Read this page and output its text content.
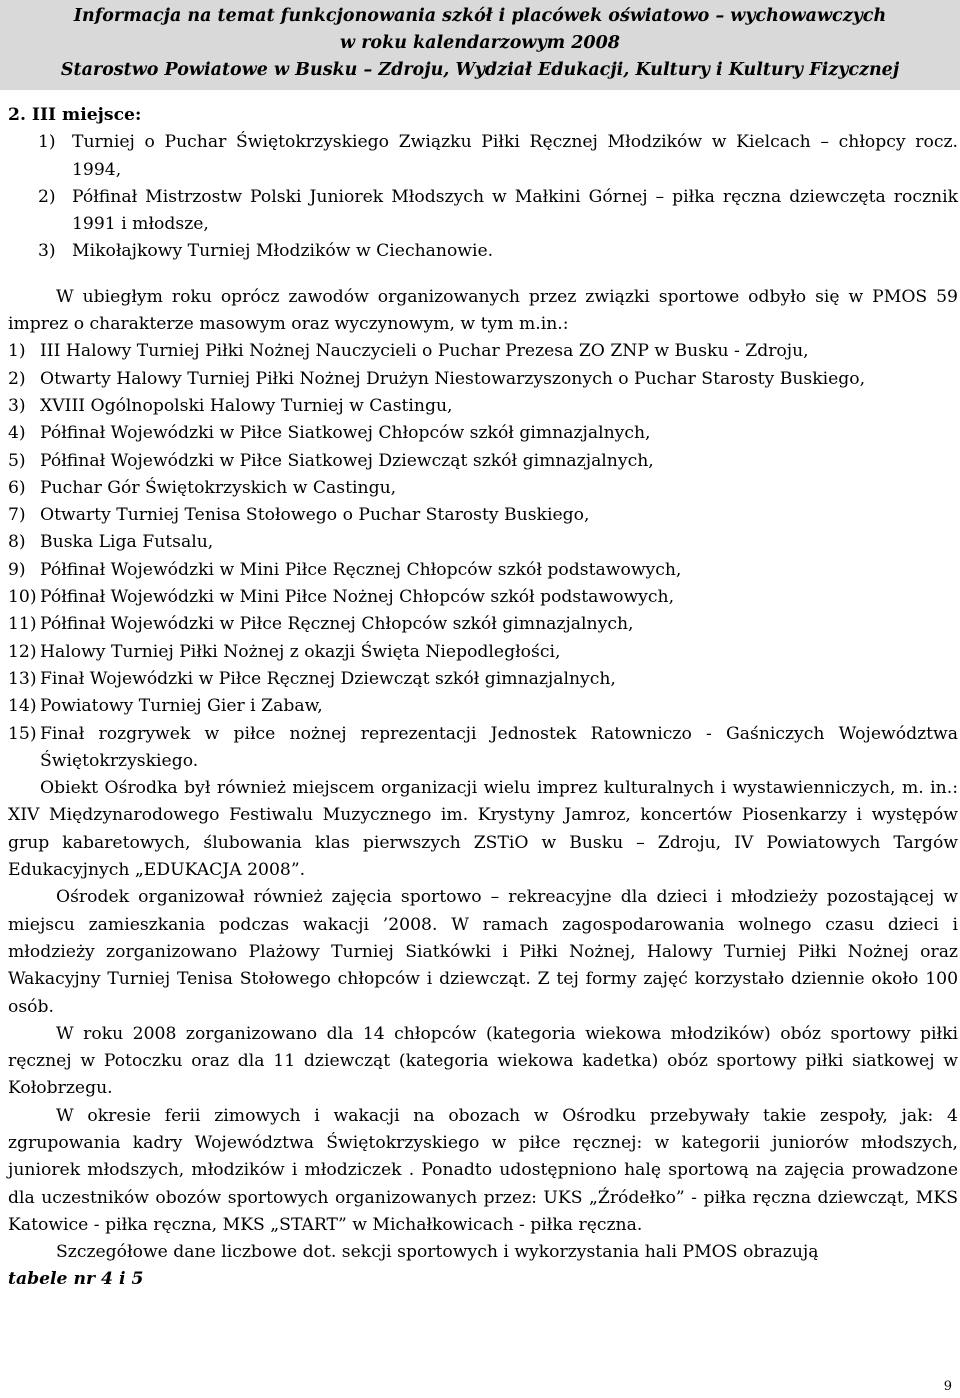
Informacja na temat funkcjonowania szkół i placówek oświatowo – wychowawczych
w roku kalendarzowym 2008
Starostwo Powiatowe w Busku – Zdroju, Wydział Edukacji, Kultury i Kultury Fizycznej
2. III miejsce:
1) Turniej o Puchar Świętokrzyskiego Związku Piłki Ręcznej Młodzików w Kielcach – chłopcy rocz. 1994,
2) Półfinał Mistrzostw Polski Juniorek Młodszych w Małkini Górnej – piłka ręczna dziewczęta rocznik 1991 i młodsze,
3) Mikołajkowy Turniej Młodzików w Ciechanowie.

W ubiegłym roku oprócz zawodów organizowanych przez związki sportowe odbyło się w PMOS 59 imprez o charakterze masowym oraz wyczynowym, w tym m.in.:

1) III Halowy Turniej Piłki Nożnej Nauczycieli o Puchar Prezesa ZO ZNP w Busku - Zdroju,
2) Otwarty Halowy Turniej Piłki Nożnej Drużyn Niestowarzyszonych o Puchar Starosty Buskiego,
3) XVIII Ogólnopolski Halowy Turniej w Castingu,
4) Półfinał Wojewódzki w Piłce Siatkowej Chłopców szkół gimnazjalnych,
5) Półfinał Wojewódzki w Piłce Siatkowej Dziewcząt szkół gimnazjalnych,
6) Puchar Gór Świętokrzyskich w Castingu,
7) Otwarty Turniej Tenisa Stołowego o Puchar Starosty Buskiego,
8) Buska Liga Futsalu,
9) Półfinał Wojewódzki w Mini Piłce Ręcznej Chłopców szkół podstawowych,
10) Półfinał Wojewódzki w Mini Piłce Nożnej Chłopców szkół podstawowych,
11) Półfinał Wojewódzki w Piłce Ręcznej Chłopców szkół gimnazjalnych,
12) Halowy Turniej Piłki Nożnej z okazji Święta Niepodległości,
13) Finał Wojewódzki w Piłce Ręcznej Dziewcząt szkół gimnazjalnych,
14) Powiatowy Turniej Gier i Zabaw,
15) Finał rozgrywek w piłce nożnej reprezentacji Jednostek Ratowniczo - Gaśniczych Województwa Świętokrzyskiego.

Obiekt Ośrodka był również miejscem organizacji wielu imprez kulturalnych i wystawienniczych, m. in.: XIV Międzynarodowego Festiwalu Muzycznego im. Krystyny Jamroz, koncertów Piosenkarzy i występów grup kabaretowych, ślubowania klas pierwszych ZSTiO w Busku – Zdroju, IV Powiatowych Targów Edukacyjnych „EDUKACJA 2008”.

Ośrodek organizował również zajęcia sportowo – rekreacyjne dla dzieci i młodzieży pozostającej w miejscu zamieszkania podczas wakacji ’2008. W ramach zagospodarowania wolnego czasu dzieci i młodzieży zorganizowano Plażowy Turniej Siatkówki i Piłki Nożnej, Halowy Turniej Piłki Nożnej oraz Wakacyjny Turniej Tenisa Stołowego chłopców i dziewcząt. Z tej formy zajęć korzystało dziennie około 100 osób.

W roku 2008 zorganizowano dla 14 chłopców (kategoria wiekowa młodzików) obóz sportowy piłki ręcznej w Potoczku oraz dla 11 dziewcząt (kategoria wiekowa kadetka) obóz sportowy piłki siatkowej w Kołobrzegu.

W okresie ferii zimowych i wakacji na obozach w Ośrodku przebywały takie zespoły, jak: 4 zgrupowania kadry Województwa Świętokrzyskiego w piłce ręcznej: w kategorii juniorów młodszych, juniorek młodszych, młodzików i młodziczek . Ponadto udostępniono halę sportową na zajęcia prowadzone dla uczestników obozów sportowych organizowanych przez: UKS „Źródełko” - piłka ręczna dziewcząt, MKS Katowice - piłka ręczna, MKS „START” w Michałkowicach - piłka ręczna.

Szczegółowe dane liczbowe dot. sekcji sportowych i wykorzystania hali PMOS obrazują

tabele nr 4 i 5
9
